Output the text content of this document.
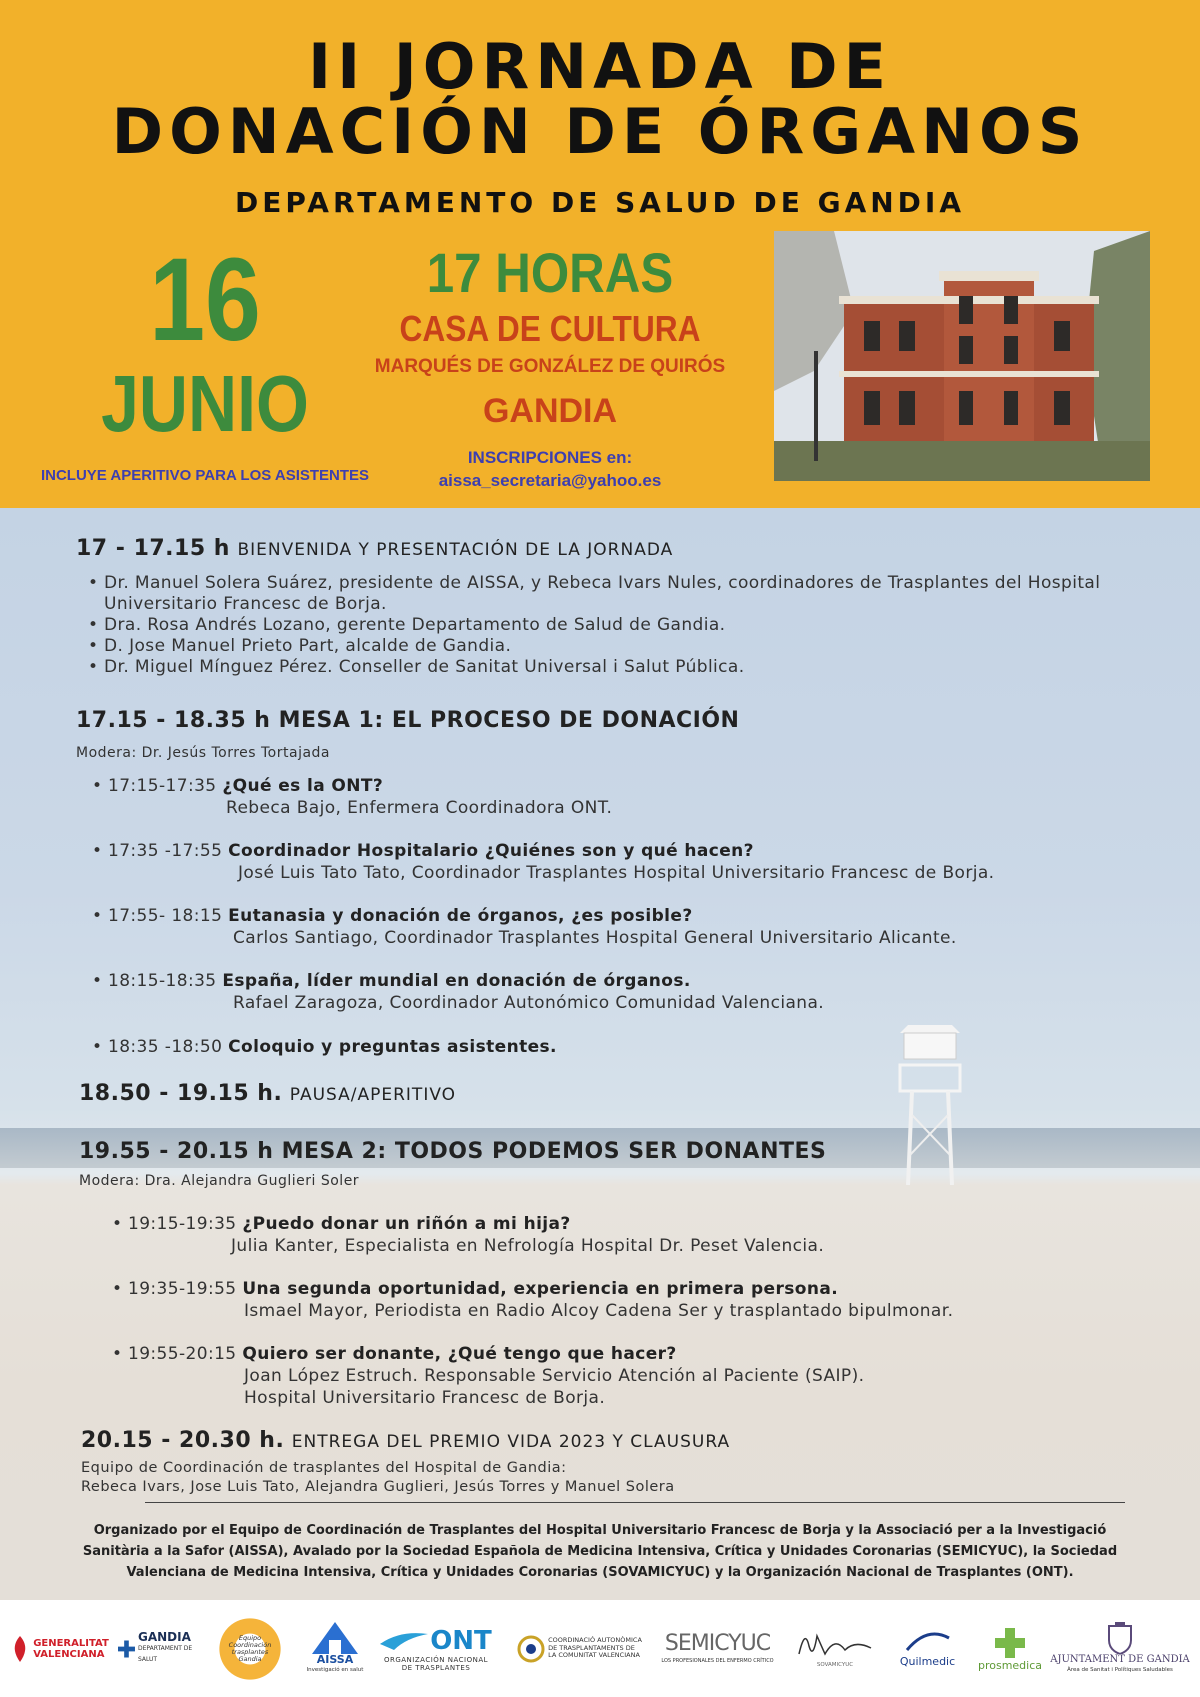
II JORNADA DE
DONACIÓN DE ÓRGANOS
DEPARTAMENTO DE SALUD DE GANDIA
16
JUNIO
INCLUYE APERITIVO PARA LOS ASISTENTES
17 HORAS
CASA DE CULTURA
MARQUÉS DE GONZÁLEZ DE QUIRÓS
GANDIA
INSCRIPCIONES en:
aissa_secretaria@yahoo.es
17 - 17.15 h BIENVENIDA Y PRESENTACIÓN DE LA JORNADA
• Dr. Manuel Solera Suárez, presidente de AISSA, y Rebeca Ivars Nules, coordinadores de Trasplantes del Hospital Universitario Francesc de Borja.
• Dra. Rosa Andrés Lozano, gerente Departamento de Salud de Gandia.
• D. Jose Manuel Prieto Part, alcalde de Gandia.
• Dr. Miguel Mínguez Pérez. Conseller de Sanitat Universal i Salut Pública.
17.15 - 18.35 h MESA 1: EL PROCESO DE DONACIÓN
Modera: Dr. Jesús Torres Tortajada
• 17:15-17:35 ¿Qué es la ONT?
Rebeca Bajo, Enfermera Coordinadora ONT.
• 17:35 -17:55 Coordinador Hospitalario ¿Quiénes son y qué hacen?
José Luis Tato Tato, Coordinador Trasplantes Hospital Universitario Francesc de Borja.
• 17:55- 18:15 Eutanasia y donación de órganos, ¿es posible?
Carlos Santiago, Coordinador Trasplantes Hospital General Universitario Alicante.
• 18:15-18:35 España, líder mundial en donación de órganos.
Rafael Zaragoza, Coordinador Autonómico Comunidad Valenciana.
• 18:35 -18:50 Coloquio y preguntas asistentes.
18.50 - 19.15 h. PAUSA/APERITIVO
19.55 - 20.15 h MESA 2: TODOS PODEMOS SER DONANTES
Modera: Dra. Alejandra Guglieri Soler
• 19:15-19:35 ¿Puedo donar un riñón a mi hija?
Julia Kanter, Especialista en Nefrología Hospital Dr. Peset Valencia.
• 19:35-19:55 Una segunda oportunidad, experiencia en primera persona.
Ismael Mayor, Periodista en Radio Alcoy Cadena Ser y trasplantado bipulmonar.
• 19:55-20:15 Quiero ser donante, ¿Qué tengo que hacer?
Joan López Estruch. Responsable Servicio Atención al Paciente (SAIP).
Hospital Universitario Francesc de Borja.
20.15 - 20.30 h. ENTREGA DEL PREMIO VIDA 2023 Y CLAUSURA
Equipo de Coordinación de trasplantes del Hospital de Gandia:
Rebeca Ivars, Jose Luis Tato, Alejandra Guglieri, Jesús Torres y Manuel Solera
Organizado por el Equipo de Coordinación de Trasplantes del Hospital Universitario Francesc de Borja y la Associació per a la Investigació
Sanitària a la Safor (AISSA), Avalado por la Sociedad Española de Medicina Intensiva, Crítica y Unidades Coronarias (SEMICYUC), la Sociedad
Valenciana de Medicina Intensiva, Crítica y Unidades Coronarias (SOVAMICYUC) y la Organización Nacional de Trasplantes (ONT).
GENERALITAT
VALENCIANA
GANDIA
DEPARTAMENT DE SALUT
Equipo
Coordinación
trasplantes
Gandia	AISSA
Investigació en salut
ONT
ORGANIZACIÓN NACIONAL
DE TRASPLANTES
COORDINACIÓ AUTONÒMICA
DE TRASPLANTAMENTS DE
LA COMUNITAT VALENCIANA SEMICYUC
LOS PROFESIONALES DEL ENFERMO CRÍTICO
SOVAMICYUC	Quilmedic prosmedica AJUNTAMENT DE GANDIA
Àrea de Sanitat i Polítiques Saludables
